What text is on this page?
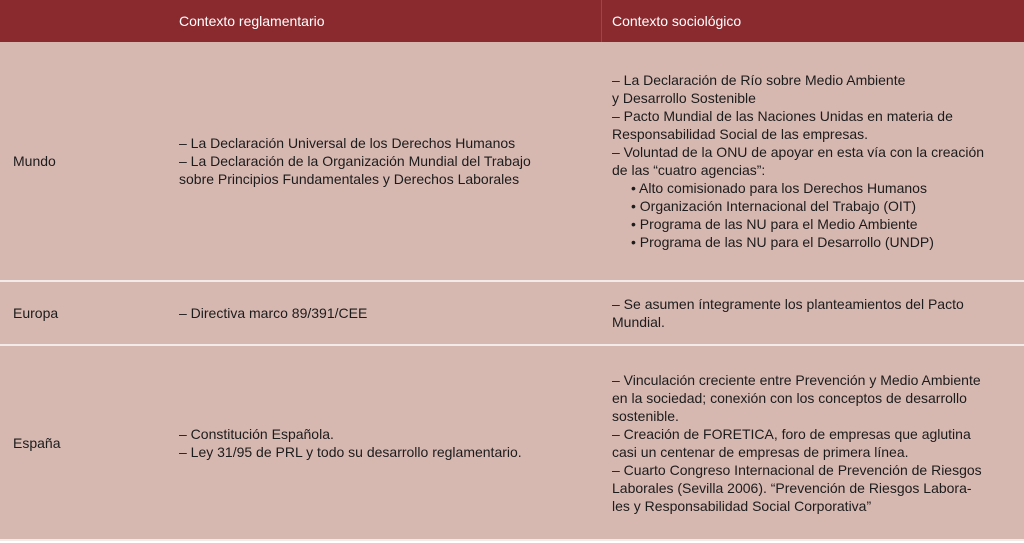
Contexto reglamentario	Contexto sociológico
Mundo
– La Declaración Universal de los Derechos Humanos
– La Declaración de la Organización Mundial del Trabajo
sobre Principios Fundamentales y Derechos Laborales
– La Declaración de Río sobre Medio Ambiente
y Desarrollo Sostenible
– Pacto Mundial de las Naciones Unidas en materia de
Responsabilidad Social de las empresas.
– Voluntad de la ONU de apoyar en esta vía con la creación
de las “cuatro agencias”:
• Alto comisionado para los Derechos Humanos
• Organización Internacional del Trabajo (OIT)
• Programa de las NU para el Medio Ambiente
• Programa de las NU para el Desarrollo (UNDP)
Europa	– Directiva marco 89/391/CEE
– Se asumen íntegramente los planteamientos del Pacto
Mundial.
España
– Constitución Española.
– Ley 31/95 de PRL y todo su desarrollo reglamentario.
– Vinculación creciente entre Prevención y Medio Ambiente
en la sociedad; conexión con los conceptos de desarrollo
sostenible.
– Creación de FORETICA, foro de empresas que aglutina
casi un centenar de empresas de primera línea.
– Cuarto Congreso Internacional de Prevención de Riesgos
Laborales (Sevilla 2006). “Prevención de Riesgos Labora-
les y Responsabilidad Social Corporativa”
